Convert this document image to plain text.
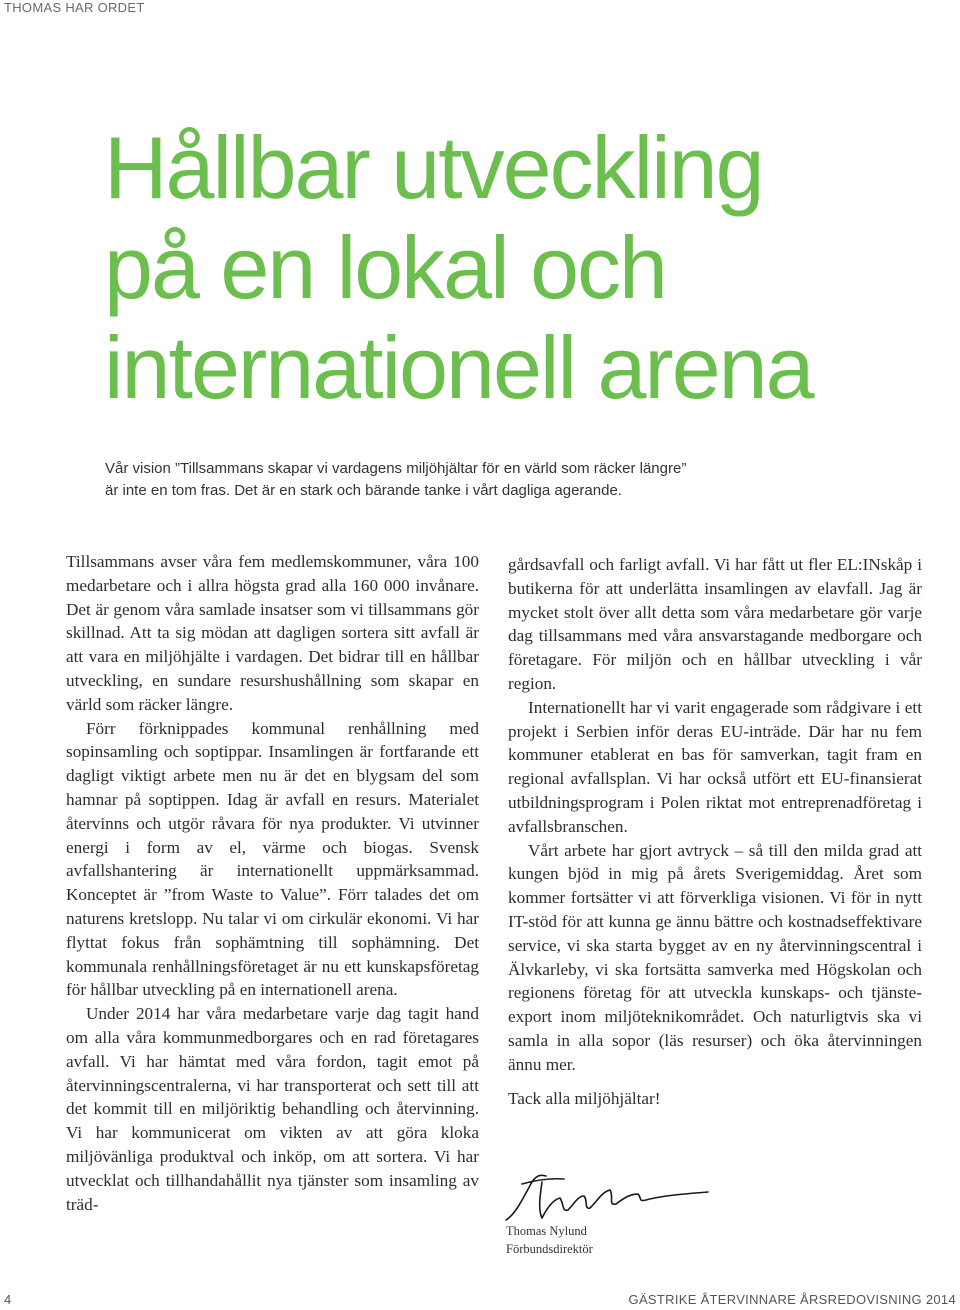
THOMAS HAR ORDET
Hållbar utveckling
på en lokal och
internationell arena
Vår vision ”Tillsammans skapar vi vardagens miljöhjältar för en värld som räcker längre”
är inte en tom fras. Det är en stark och bärande tanke i vårt dagliga agerande.

Tillsammans avser våra fem medlemskommuner, våra 100 medarbetare och i allra högsta grad alla 160 000 invånare. Det är genom våra samlade insatser som vi tillsammans gör skillnad. Att ta sig mödan att dagligen sortera sitt avfall är att vara en miljöhjälte i vardagen. Det bidrar till en hållbar utveckling, en sundare resurshushållning som skapar en värld som räcker längre.

Förr förknippades kommunal renhållning med sopinsamling och soptippar. Insamlingen är fortfarande ett dagligt viktigt arbete men nu är det en blygsam del som hamnar på soptippen. Idag är avfall en resurs. Materialet återvinns och utgör råvara för nya produkter. Vi utvinner energi i form av el, värme och biogas. Svensk avfallshantering är internationellt uppmärksammad. Konceptet är ”from Waste to Value”. Förr talades det om naturens kretslopp. Nu talar vi om cirkulär ekonomi. Vi har flyttat fokus från sophämtning till sophämning. Det kommunala renhållningsföretaget är nu ett kunskapsföretag för hållbar utveckling på en internationell arena.

Under 2014 har våra medarbetare varje dag tagit hand om alla våra kommunmedborgares och en rad företagares avfall. Vi har hämtat med våra fordon, tagit emot på återvinningscentralerna, vi har transporterat och sett till att det kommit till en miljöriktig behandling och återvinning. Vi har kommunicerat om vikten av att göra kloka miljövänliga produktval och inköp, om att sortera. Vi har utvecklat och tillhandahållit nya tjänster som insamling av träd-

gårdsavfall och farligt avfall. Vi har fått ut fler EL:INskåp i butikerna för att underlätta insamlingen av elavfall. Jag är mycket stolt över allt detta som våra medarbetare gör varje dag tillsammans med våra ansvarstagande medborgare och företagare. För miljön och en hållbar utveckling i vår region.

Internationellt har vi varit engagerade som rådgivare i ett projekt i Serbien inför deras EU-inträde. Där har nu fem kommuner etablerat en bas för samverkan, tagit fram en regional avfallsplan. Vi har också utfört ett EU-finansierat utbildningsprogram i Polen riktat mot entreprenadföretag i avfallsbranschen.

Vårt arbete har gjort avtryck – så till den milda grad att kungen bjöd in mig på årets Sverigemiddag. Året som kommer fortsätter vi att förverkliga visionen. Vi för in nytt IT-stöd för att kunna ge ännu bättre och kostnadseffektivare service, vi ska starta bygget av en ny återvinningscentral i Älvkarleby, vi ska fortsätta samverka med Högskolan och regionens företag för att utveckla kunskaps- och tjänsteexport inom miljöteknikområdet. Och naturligtvis ska vi samla in alla sopor (läs resurser) och öka återvinningen ännu mer.

Tack alla miljöhjältar!

Thomas Nylund
Förbundsdirektör
4	GÄSTRIKE ÅTERVINNARE ÅRSREDOVISNING 2014
